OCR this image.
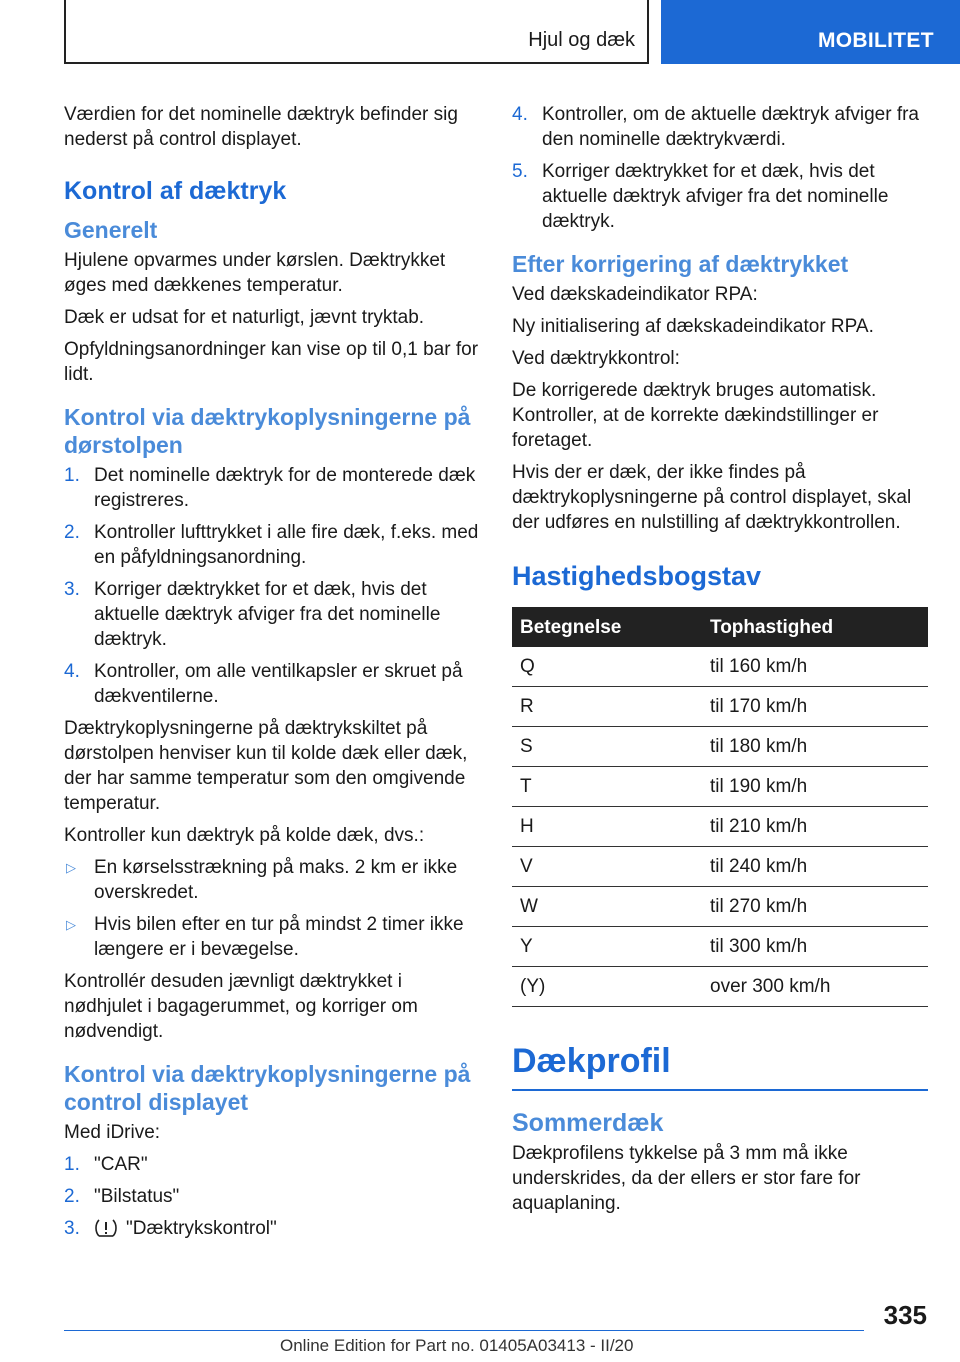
Hjul og dæk	MOBILITET

Værdien for det nominelle dæktryk befinder sig nederst på control displayet.

Kontrol af dæktryk
Generelt

Hjulene opvarmes under kørslen. Dæktrykket øges med dækkenes temperatur.

Dæk er udsat for et naturligt, jævnt tryktab.

Opfyldningsanordninger kan vise op til 0,1 bar for lidt.

Kontrol via dæktrykoplysningerne på dørstolpen
1. Det nominelle dæktryk for de monterede dæk registreres.
2. Kontroller lufttrykket i alle fire dæk, f.eks. med en påfyldningsanordning.
3. Korriger dæktrykket for et dæk, hvis det aktuelle dæktryk afviger fra det nominelle dæktryk.
4. Kontroller, om alle ventilkapsler er skruet på dækventilerne.

Dæktrykoplysningerne på dæktrykskiltet på dørstolpen henviser kun til kolde dæk eller dæk, der har samme temperatur som den omgivende temperatur.

Kontroller kun dæktryk på kolde dæk, dvs.:

▷ En kørselsstrækning på maks. 2 km er ikke overskredet.
▷ Hvis bilen efter en tur på mindst 2 timer ikke længere er i bevægelse.

Kontrollér desuden jævnligt dæktrykket i nødhjulet i bagagerummet, og korriger om nødvendigt.

Kontrol via dæktrykoplysningerne på control displayet

Med iDrive:

1. "CAR"
2. "Bilstatus"
3. "Dæktrykskontrol"
4. Kontroller, om de aktuelle dæktryk afviger fra den nominelle dæktrykværdi.
5. Korriger dæktrykket for et dæk, hvis det aktuelle dæktryk afviger fra det nominelle dæktryk.
Efter korrigering af dæktrykket

Ved dækskadeindikator RPA:

Ny initialisering af dækskadeindikator RPA.

Ved dæktrykkontrol:

De korrigerede dæktryk bruges automatisk. Kontroller, at de korrekte dækindstillinger er foretaget.

Hvis der er dæk, der ikke findes på dæktrykoplysningerne på control displayet, skal der udføres en nulstilling af dæktrykkontrollen.

Hastighedsbogstav
Betegnelse	Tophastighed
Q	til 160 km/h
R	til 170 km/h
S	til 180 km/h
T	til 190 km/h
H	til 210 km/h
V	til 240 km/h
W	til 270 km/h
Y	til 300 km/h
(Y)	over 300 km/h
Dækprofil
Sommerdæk

Dækprofilens tykkelse på 3 mm må ikke underskrides, da der ellers er stor fare for aquaplaning.

335
Online Edition for Part no. 01405A03413 - II/20
